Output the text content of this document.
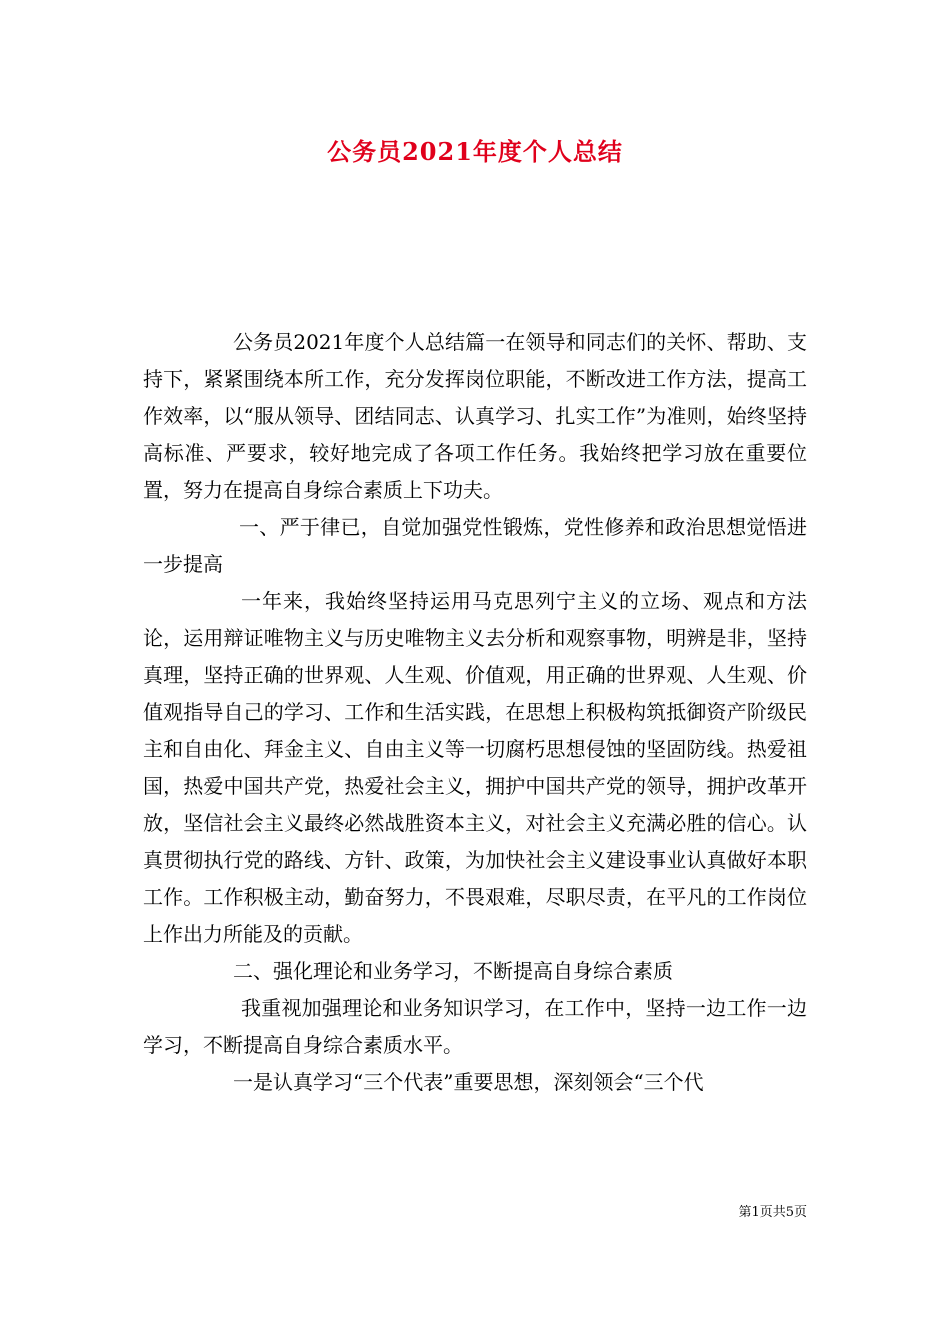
公务员2021年度个人总结

公务员2021年度个人总结篇一在领导和同志们的关怀、帮助、支持下，紧紧围绕本所工作，充分发挥岗位职能，不断改进工作方法，提高工作效率，以“服从领导、团结同志、认真学习、扎实工作”为准则，始终坚持高标准、严要求，较好地完成了各项工作任务。我始终把学习放在重要位置，努力在提高自身综合素质上下功夫。

一、严于律已，自觉加强党性锻炼，党性修养和政治思想觉悟进一步提高

一年来，我始终坚持运用马克思列宁主义的立场、观点和方法论，运用辩证唯物主义与历史唯物主义去分析和观察事物，明辨是非，坚持真理，坚持正确的世界观、人生观、价值观，用正确的世界观、人生观、价值观指导自己的学习、工作和生活实践，在思想上积极构筑抵御资产阶级民主和自由化、拜金主义、自由主义等一切腐朽思想侵蚀的坚固防线。热爱祖国，热爱中国共产党，热爱社会主义，拥护中国共产党的领导，拥护改革开放，坚信社会主义最终必然战胜资本主义，对社会主义充满必胜的信心。认真贯彻执行党的路线、方针、政策，为加快社会主义建设事业认真做好本职工作。工作积极主动，勤奋努力，不畏艰难，尽职尽责，在平凡的工作岗位上作出力所能及的贡献。

二、强化理论和业务学习，不断提高自身综合素质

我重视加强理论和业务知识学习，在工作中，坚持一边工作一边学习，不断提高自身综合素质水平。

一是认真学习“三个代表”重要思想，深刻领会“三个代

第1页共5页
